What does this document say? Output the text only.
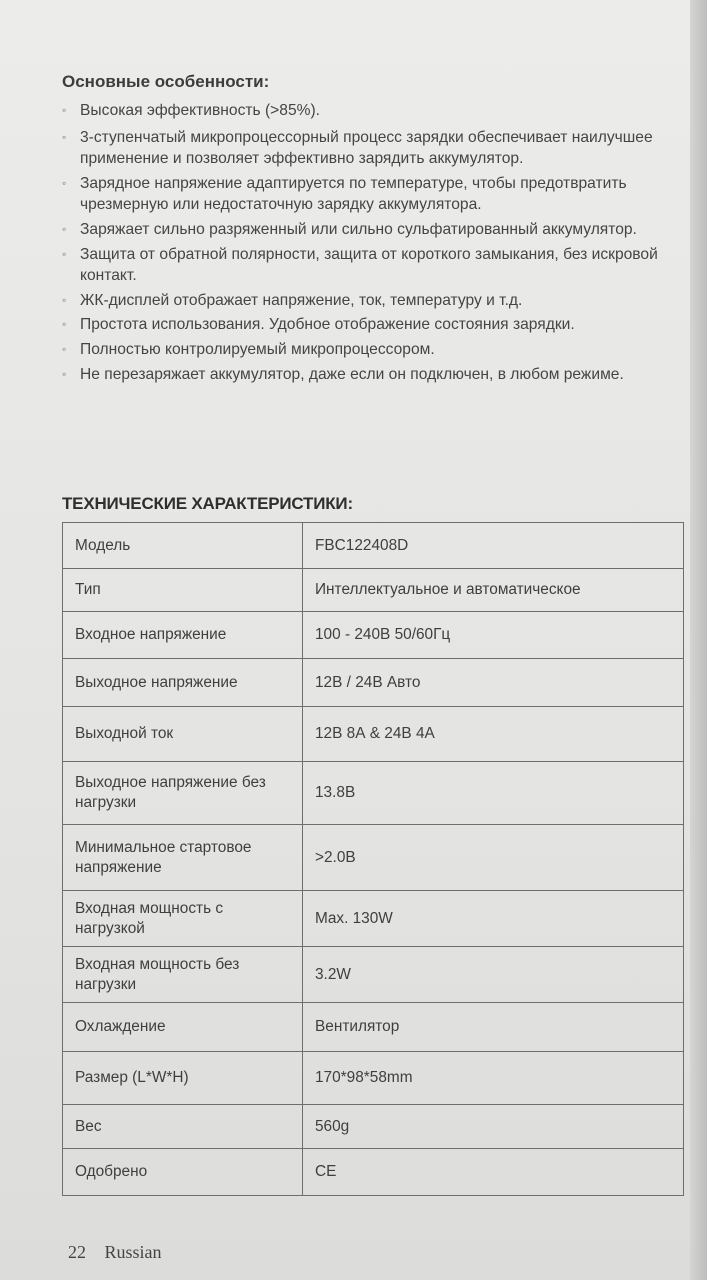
Основные особенности:
◦ Высокая эффективность (>85%).
◦ 3-ступенчатый микропроцессорный процесс зарядки обеспечивает наилучшее применение и позволяет эффективно зарядить аккумулятор.
◦ Зарядное напряжение адаптируется по температуре, чтобы предотвратить чрезмерную или недостаточную зарядку аккумулятора.
◦ Заряжает сильно разряженный или сильно сульфатированный аккумулятор.
◦ Защита от обратной полярности, защита от короткого замыкания, без искровой контакт.
◦ ЖК-дисплей отображает напряжение, ток, температуру и т.д.
◦ Простота использования. Удобное отображение состояния зарядки.
◦ Полностью контролируемый микропроцессором.
◦ Не перезаряжает аккумулятор, даже если он подключен, в любом режиме.
ТЕХНИЧЕСКИЕ ХАРАКТЕРИСТИКИ:
Модель	FBC122408D
Тип	Интеллектуальное и автоматическое
Входное напряжение	100 - 240В 50/60Гц
Выходное напряжение	12В / 24В Авто
Выходной ток	12В 8А & 24В 4А
Выходное напряжение без нагрузки	13.8В
Минимальное стартовое напряжение	>2.0В
Входная мощность с нагрузкой	Max. 130W
Входная мощность без нагрузки	3.2W
Охлаждение	Вентилятор
Размер (L*W*H)	170*98*58mm
Вес	560g
Одобрено	CE
22 Russian
